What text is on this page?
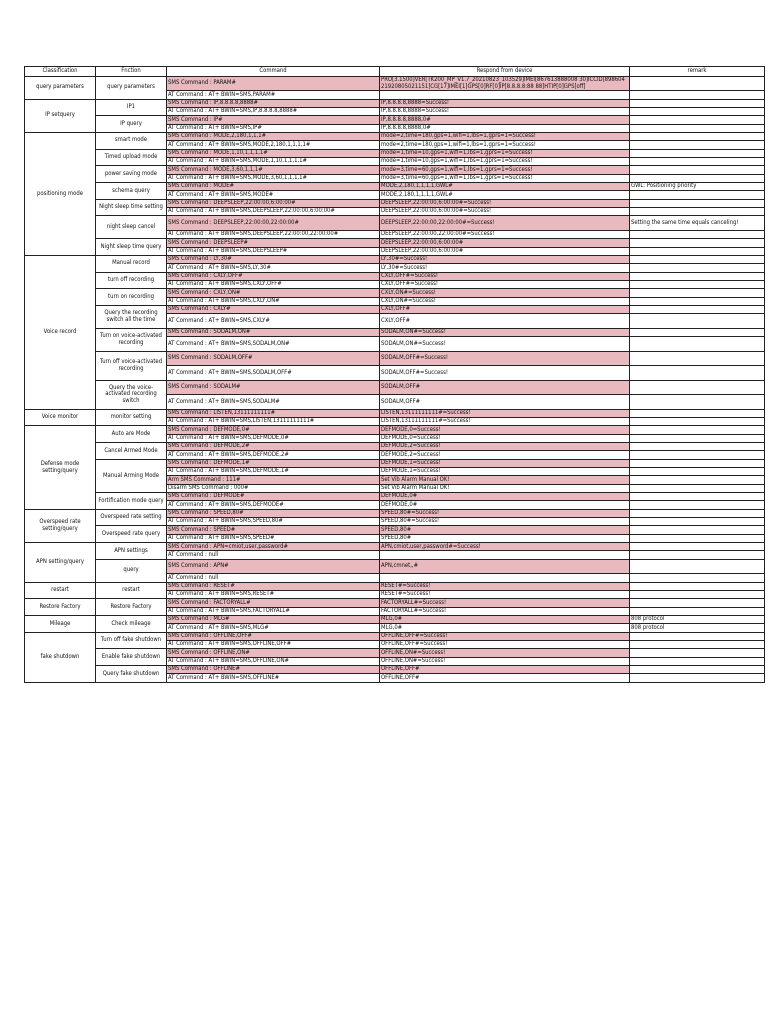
Classification	Fnction	Command	Respond from device	remark
query parameters	query parameters	SMS Command : PARAM#	PRO[3.1500]VER[TK200_MP_V1.7_20210823_103529]IMEI[867613888008 30]ICCID[89860421920805021151]CG[17]IMEI[1]GPS[0]RF[0]IP[8.8.8.8:88 88]HTIP[0]GPS[off]	
		AT Command : AT+ BWIN=SMS,PARAM#		
IP setquery	IP1	SMS Command : IP,8.8.8.8,8888#	IP,8.8.8.8,8888=Success!	
		AT Command : AT+ BWIN=SMS,IP,8.8.8.8,8888#	IP,8.8.8.8,8888=Success!	
	IP query	SMS Command : IP#	IP,8.8.8.8,8888,0#	
		AT Command : AT+ BWIN=SMS,IP#	IP,8.8.8.8,8888,0#	
positioning mode	smart mode	SMS Command : MODE,2,180,1,1,1#	mode=2,time=180,gps=1,wifi=1,lbs=1,gprs=1=Success!	
		AT Command : AT+ BWIN=SMS,MODE,2,180,1,1,1,1#	mode=2,time=180,gps=1,wifi=1,lbs=1,gprs=1=Success!	
	Timed upload mode	SMS Command : MODE,1,10,1,1,1,1#	mode=1,time=10,gps=1,wifi=1,lbs=1,gprs=1=Success!	
		AT Command : AT+ BWIN=SMS,MODE,1,10,1,1,1,1#	mode=1,time=10,gps=1,wifi=1,lbs=1,gprs=1=Success!	
	power saving mode	SMS Command : MODE,3,60,1,1,1#	mode=3,time=60,gps=1,wifi=1,lbs=1,gprs=1=Success!	
		AT Command : AT+ BWIN=SMS,MODE,3,60,1,1,1,1#	mode=3,time=60,gps=1,wifi=1,lbs=1,gprs=1=Success!	
	schema query	SMS Command : MODE#	MODE,2,180,1,1,1,1,GWL#	GWL: Positioning priority
		AT Command : AT+ BWIN=SMS,MODE#	MODE,2,180,1,1,1,1,GWL#	
	Night sleep time setting	SMS Command : DEEPSLEEP,22:00:00,6:00:00#	DEEPSLEEP,22:00:00,6:00:00#=Success!	
		AT Command : AT+ BWIN=SMS,DEEPSLEEP,22:00:00,6:00:00#	DEEPSLEEP,22:00:00,6:00:00#=Success!	
	night sleep cancel	SMS Command : DEEPSLEEP,22:00:00,22:00:00#	DEEPSLEEP,22:00:00,22:00:00#=Success!	Setting the same time equals canceling!
		AT Command : AT+ BWIN=SMS,DEEPSLEEP,22:00:00,22:00:00#	DEEPSLEEP,22:00:00,22:00:00#=Success!	
	Night sleep time query	SMS Command : DEEPSLEEP#	DEEPSLEEP,22:00:00,6:00:00#	
		AT Command : AT+ BWIN=SMS,DEEPSLEEP#	DEEPSLEEP,22:00:00,6:00:00#	
Voice record	Manual record	SMS Command : LY,30#	LY,30#=Success!	
		AT Command : AT+ BWIN=SMS,LY,30#	LY,30#=Success!	
	turn off recording	SMS Command : CXLY,OFF#	CXLY,OFF#=Success!	
		AT Command : AT+ BWIN=SMS,CXLY,OFF#	CXLY,OFF#=Success!	
	turn on recording	SMS Command : CXLY,ON#	CXLY,ON#=Success!	
		AT Command : AT+ BWIN=SMS,CXLY,ON#	CXLY,ON#=Success!	
	Query the recording switch all the time	SMS Command : CXLY#	CXLY,OFF#	
		AT Command : AT+ BWIN=SMS,CXLY#	CXLY,OFF#	
	Turn on voice-activated recording	SMS Command : SODALM,ON#	SODALM,ON#=Success!	
		AT Command : AT+ BWIN=SMS,SODALM,ON#	SODALM,ON#=Success!	
	Turn off voice-activated recording	SMS Command : SODALM,OFF#	SODALM,OFF#=Success!	
		AT Command : AT+ BWIN=SMS,SODALM,OFF#	SODALM,OFF#=Success!	
	Query the voice-activated recording switch	SMS Command : SODALM#	SODALM,OFF#	
		AT Command : AT+ BWIN=SMS,SODALM#	SODALM,OFF#	
Voice monitor	monitor setting	SMS Command : LISTEN,13111111111#	LISTEN,13111111111#=Success!	
		AT Command : AT+ BWIN=SMS,LISTEN,13111111111#	LISTEN,13111111111#=Success!	
Defense mode setting/query	Auto are Mode	SMS Command : DEFMODE,0#	DEFMODE,0=Success!	
		AT Command : AT+ BWIN=SMS,DEFMODE,0#	DEFMODE,0=Success!	
	Cancel Armed Mode	SMS Command : DEFMODE,2#	DEFMODE,2=Success!	
		AT Command : AT+ BWIN=SMS,DEFMODE,2#	DEFMODE,2=Success!	
	Manual Arming Mode	SMS Command : DEFMODE,1#	DEFMODE,1=Success!	
		AT Command : AT+ BWIN=SMS,DEFMODE,1#	DEFMODE,1=Success!	
		Arm SMS Command : 111#	Set Vib Alarm Manual OK!	
		Disarm SMS Command : 000#	Set Vib Alarm Manual OK!	
	Fortification mode query	SMS Command : DEFMODE#	DEFMODE,0#	
		AT Command : AT+ BWIN=SMS,DEFMODE#	DEFMODE,0#	
Overspeed rate setting/query	Overspeed rate setting	SMS Command : SPEED,80#	SPEED,80#=Success!	
		AT Command : AT+ BWIN=SMS,SPEED,80#	SPEED,80#=Success!	
	Overspeed rate query	SMS Command : SPEED#	SPEED,80#	
		AT Command : AT+ BWIN=SMS,SPEED#	SPEED,80#	
APN setting/query	APN settings	SMS Command : APN=cmiot,user,password#	APN,cmiot,user,password#=Success!	
		AT Command : null		
	query	SMS Command : APN#	APN,cmnet,,#	
		AT Command : null		
restart	restart	SMS Command : RESET#	RESET#=Success!	
		AT Command : AT+ BWIN=SMS,RESET#	RESET#=Success!	
Restore Factory	Restore Factory	SMS Command : FACTORYALL#	FACTORYALL#=Success!	
		AT Command : AT+ BWIN=SMS,FACTORYALL#	FACTORYALL#=Success!	
Mileage	Check mileage	SMS Command : MLG#	MLG,0#	808 protocol
		AT Command : AT+ BWIN=SMS,MLG#	MLG,0#	808 protocol
fake shutdown	Turn off fake shutdown	SMS Command : OFFLINE,OFF#	OFFLINE,OFF#=Success!	
		AT Command : AT+ BWIN=SMS,OFFLINE,OFF#	OFFLINE,OFF#=Success!	
	Enable fake shutdown	SMS Command : OFFLINE,ON#	OFFLINE,ON#=Success!	
		AT Command : AT+ BWIN=SMS,OFFLINE,ON#	OFFLINE,ON#=Success!	
	Query fake shutdown	SMS Command : OFFLINE#	OFFLINE,OFF#	
		AT Command : AT+ BWIN=SMS,OFFLINE#	OFFLINE,OFF#	
